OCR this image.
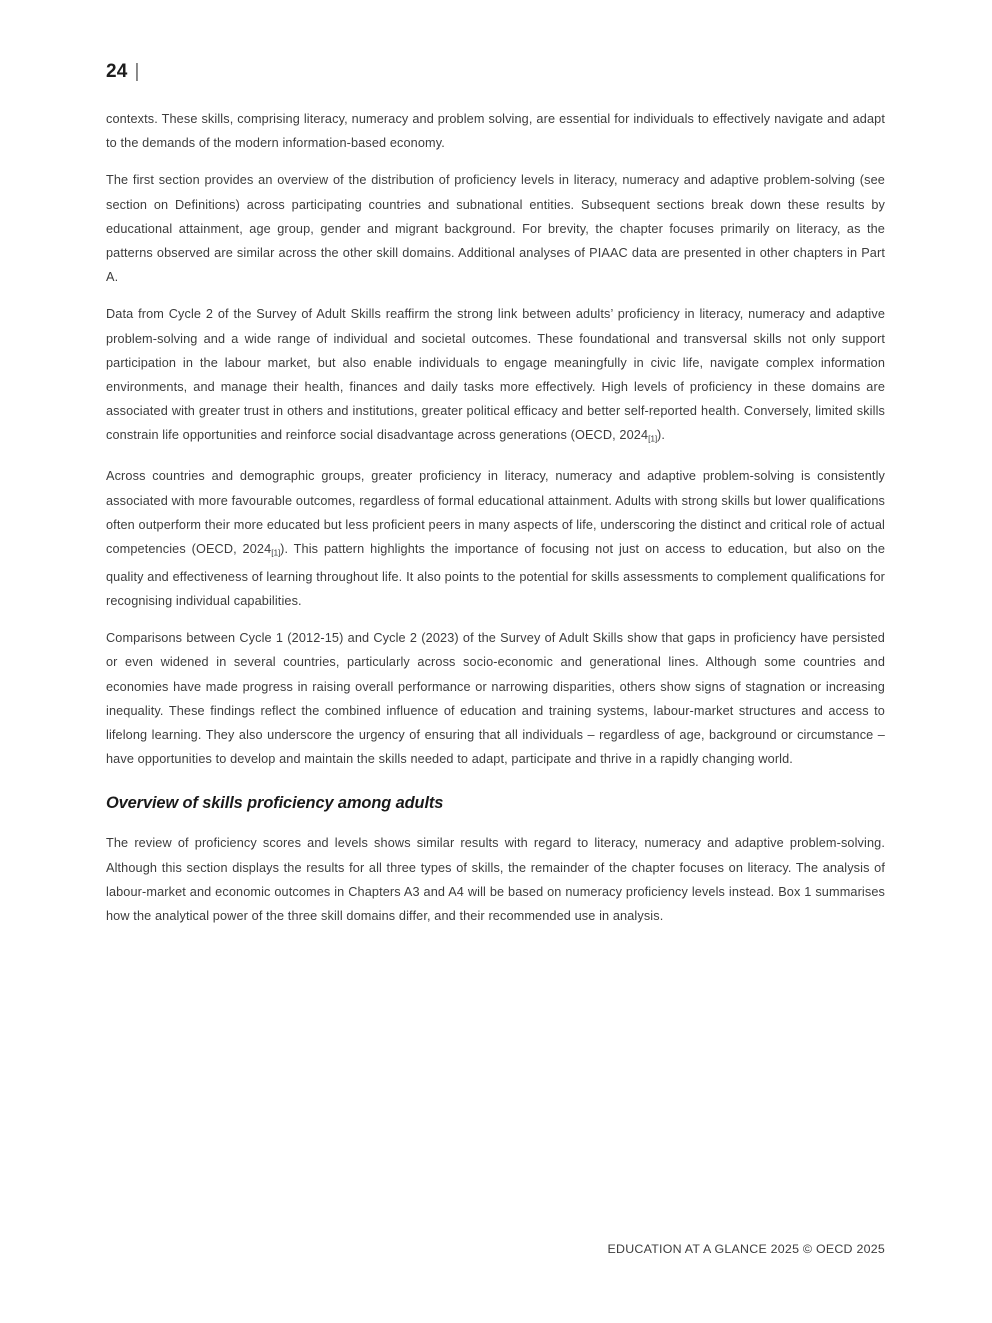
24 |

contexts. These skills, comprising literacy, numeracy and problem solving, are essential for individuals to effectively navigate and adapt to the demands of the modern information-based economy.

The first section provides an overview of the distribution of proficiency levels in literacy, numeracy and adaptive problem-solving (see section on Definitions) across participating countries and subnational entities. Subsequent sections break down these results by educational attainment, age group, gender and migrant background. For brevity, the chapter focuses primarily on literacy, as the patterns observed are similar across the other skill domains. Additional analyses of PIAAC data are presented in other chapters in Part A.

Data from Cycle 2 of the Survey of Adult Skills reaffirm the strong link between adults’ proficiency in literacy, numeracy and adaptive problem-solving and a wide range of individual and societal outcomes. These foundational and transversal skills not only support participation in the labour market, but also enable individuals to engage meaningfully in civic life, navigate complex information environments, and manage their health, finances and daily tasks more effectively. High levels of proficiency in these domains are associated with greater trust in others and institutions, greater political efficacy and better self-reported health. Conversely, limited skills constrain life opportunities and reinforce social disadvantage across generations (OECD, $2024_{[1]}$).

Across countries and demographic groups, greater proficiency in literacy, numeracy and adaptive problem-solving is consistently associated with more favourable outcomes, regardless of formal educational attainment. Adults with strong skills but lower qualifications often outperform their more educated but less proficient peers in many aspects of life, underscoring the distinct and critical role of actual competencies (OECD, $2024_{[1]}$). This pattern highlights the importance of focusing not just on access to education, but also on the quality and effectiveness of learning throughout life. It also points to the potential for skills assessments to complement qualifications for recognising individual capabilities.

Comparisons between Cycle 1 (2012-15) and Cycle 2 (2023) of the Survey of Adult Skills show that gaps in proficiency have persisted or even widened in several countries, particularly across socio-economic and generational lines. Although some countries and economies have made progress in raising overall performance or narrowing disparities, others show signs of stagnation or increasing inequality. These findings reflect the combined influence of education and training systems, labour-market structures and access to lifelong learning. They also underscore the urgency of ensuring that all individuals – regardless of age, background or circumstance – have opportunities to develop and maintain the skills needed to adapt, participate and thrive in a rapidly changing world.

Overview of skills proficiency among adults

The review of proficiency scores and levels shows similar results with regard to literacy, numeracy and adaptive problem-solving. Although this section displays the results for all three types of skills, the remainder of the chapter focuses on literacy. The analysis of labour-market and economic outcomes in Chapters A3 and A4 will be based on numeracy proficiency levels instead. Box 1 summarises how the analytical power of the three skill domains differ, and their recommended use in analysis.

EDUCATION AT A GLANCE 2025 © OECD 2025
